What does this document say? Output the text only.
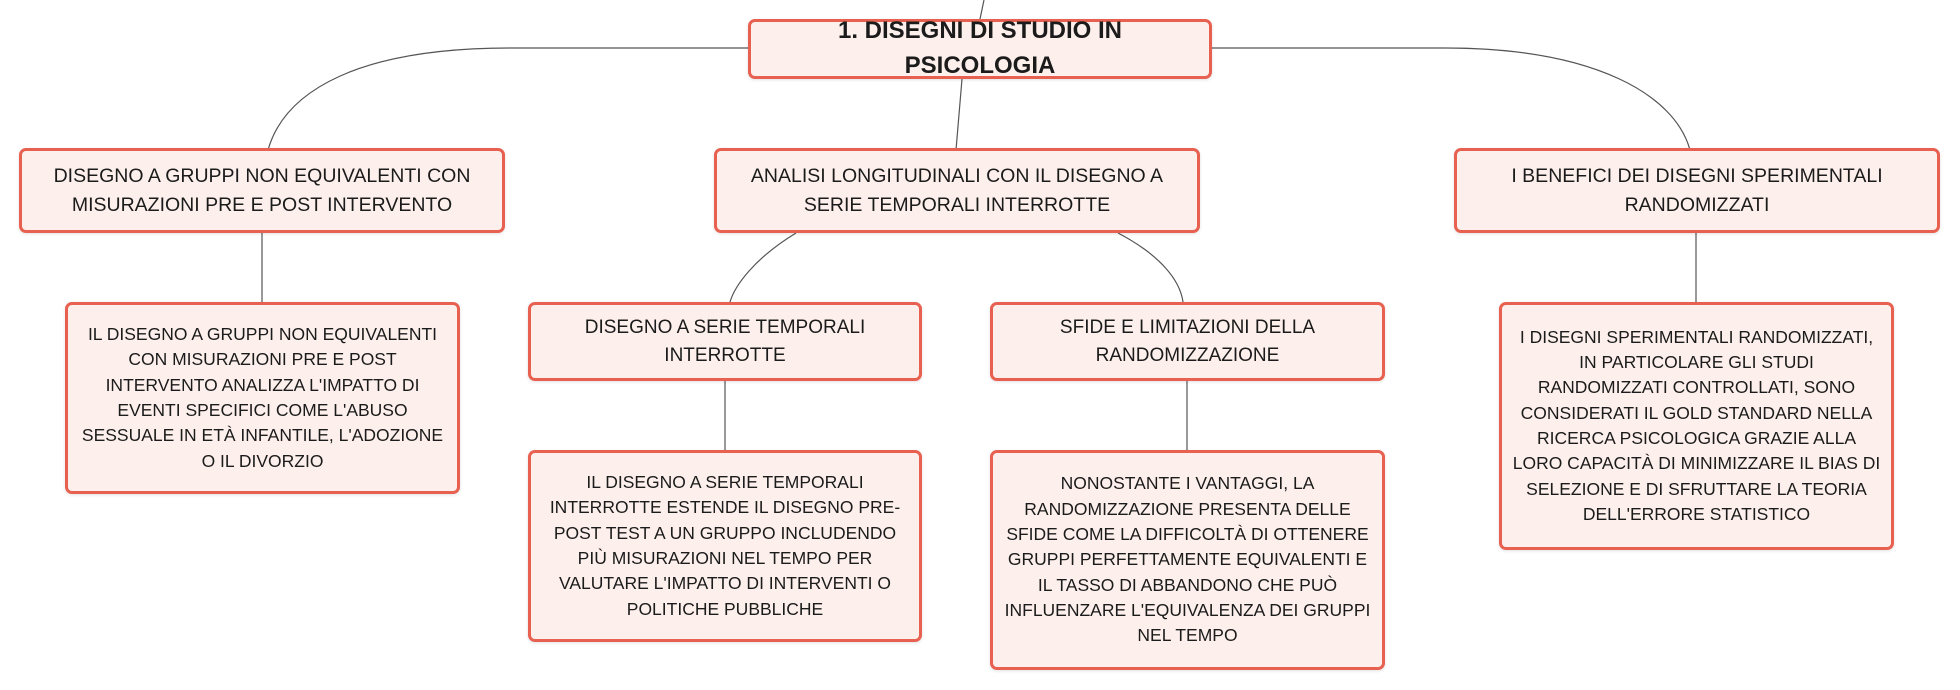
1. DISEGNI DI STUDIO IN PSICOLOGIA
DISEGNO A GRUPPI NON EQUIVALENTI CON MISURAZIONI PRE E POST INTERVENTO
ANALISI LONGITUDINALI CON IL DISEGNO A SERIE TEMPORALI INTERROTTE
I BENEFICI DEI DISEGNI SPERIMENTALI RANDOMIZZATI
IL DISEGNO A GRUPPI NON EQUIVALENTI CON MISURAZIONI PRE E POST INTERVENTO ANALIZZA L'IMPATTO DI EVENTI SPECIFICI COME L'ABUSO SESSUALE IN ETÀ INFANTILE, L'ADOZIONE O IL DIVORZIO
DISEGNO A SERIE TEMPORALI INTERROTTE
SFIDE E LIMITAZIONI DELLA RANDOMIZZAZIONE
IL DISEGNO A SERIE TEMPORALI INTERROTTE ESTENDE IL DISEGNO PRE-POST TEST A UN GRUPPO INCLUDENDO PIÙ MISURAZIONI NEL TEMPO PER VALUTARE L'IMPATTO DI INTERVENTI O POLITICHE PUBBLICHE
NONOSTANTE I VANTAGGI, LA RANDOMIZZAZIONE PRESENTA DELLE SFIDE COME LA DIFFICOLTÀ DI OTTENERE GRUPPI PERFETTAMENTE EQUIVALENTI E IL TASSO DI ABBANDONO CHE PUÒ INFLUENZARE L'EQUIVALENZA DEI GRUPPI NEL TEMPO
I DISEGNI SPERIMENTALI RANDOMIZZATI, IN PARTICOLARE GLI STUDI RANDOMIZZATI CONTROLLATI, SONO CONSIDERATI IL GOLD STANDARD NELLA RICERCA PSICOLOGICA GRAZIE ALLA LORO CAPACITÀ DI MINIMIZZARE IL BIAS DI SELEZIONE E DI SFRUTTARE LA TEORIA DELL'ERRORE STATISTICO
